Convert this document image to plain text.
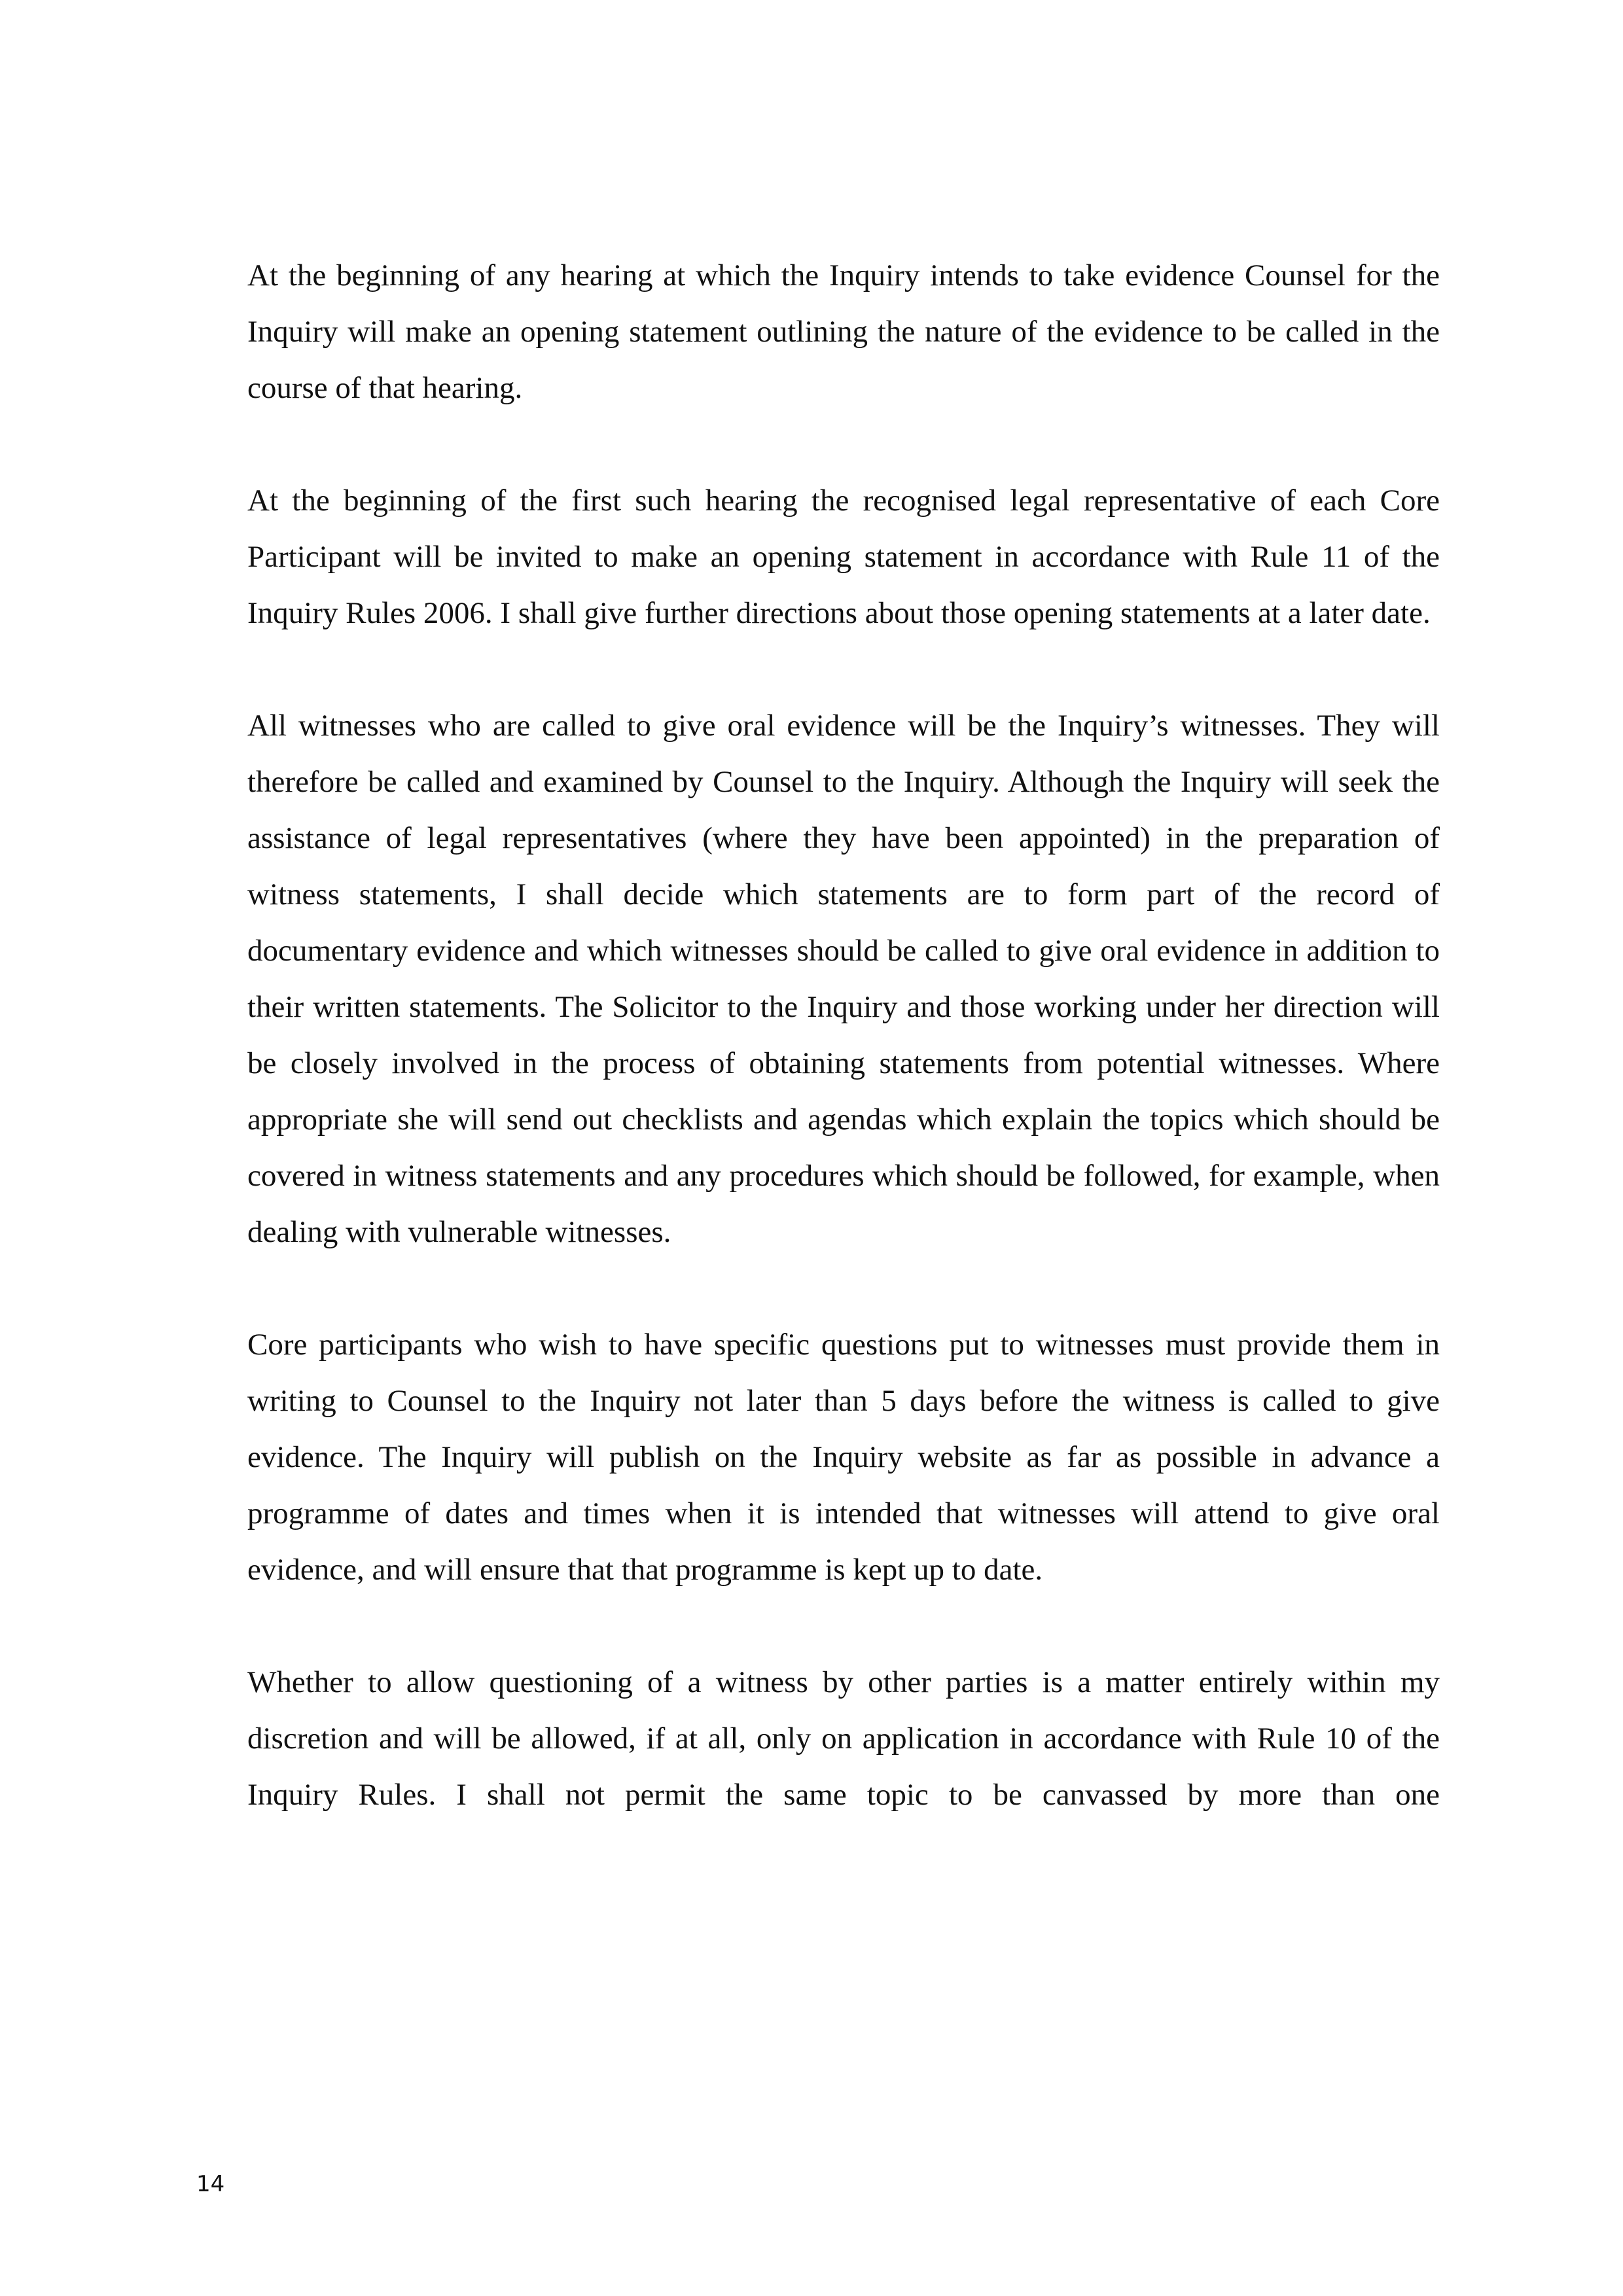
At the beginning of any hearing at which the Inquiry intends to take evidence Counsel for the Inquiry will make an opening statement outlining the nature of the evidence to be called in the course of that hearing.

At the beginning of the first such hearing the recognised legal representative of each Core Participant will be invited to make an opening statement in accordance with Rule 11 of the Inquiry Rules 2006. I shall give further directions about those opening statements at a later date.

All witnesses who are called to give oral evidence will be the Inquiry’s witnesses. They will therefore be called and examined by Counsel to the Inquiry. Although the Inquiry will seek the assistance of legal representatives (where they have been appointed) in the preparation of witness statements, I shall decide which statements are to form part of the record of documentary evidence and which witnesses should be called to give oral evidence in addition to their written statements. The Solicitor to the Inquiry and those working under her direction will be closely involved in the process of obtaining statements from potential witnesses. Where appropriate she will send out checklists and agendas which explain the topics which should be covered in witness statements and any procedures which should be followed, for example, when dealing with vulnerable witnesses.

Core participants who wish to have specific questions put to witnesses must provide them in writing to Counsel to the Inquiry not later than 5 days before the witness is called to give evidence. The Inquiry will publish on the Inquiry website as far as possible in advance a programme of dates and times when it is intended that witnesses will attend to give oral evidence, and will ensure that that programme is kept up to date.

Whether to allow questioning of a witness by other parties is a matter entirely within my discretion and will be allowed, if at all, only on application in accordance with Rule 10 of the Inquiry Rules. I shall not permit the same topic to be canvassed by more than one

14
